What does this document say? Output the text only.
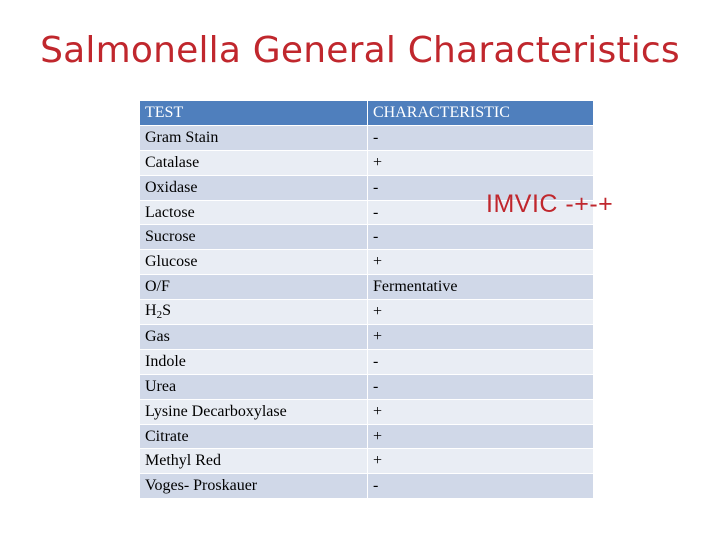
Salmonella General Characteristics
TEST	CHARACTERISTIC
Gram Stain	-
Catalase	+
Oxidase	-
Lactose	-
Sucrose	-
Glucose	+
O/F	Fermentative
$H_2S$	+
Gas	+
Indole	-
Urea	-
Lysine Decarboxylase	+
Citrate	+
Methyl Red	+
Voges- Proskauer	-
IMVIC -+-+
